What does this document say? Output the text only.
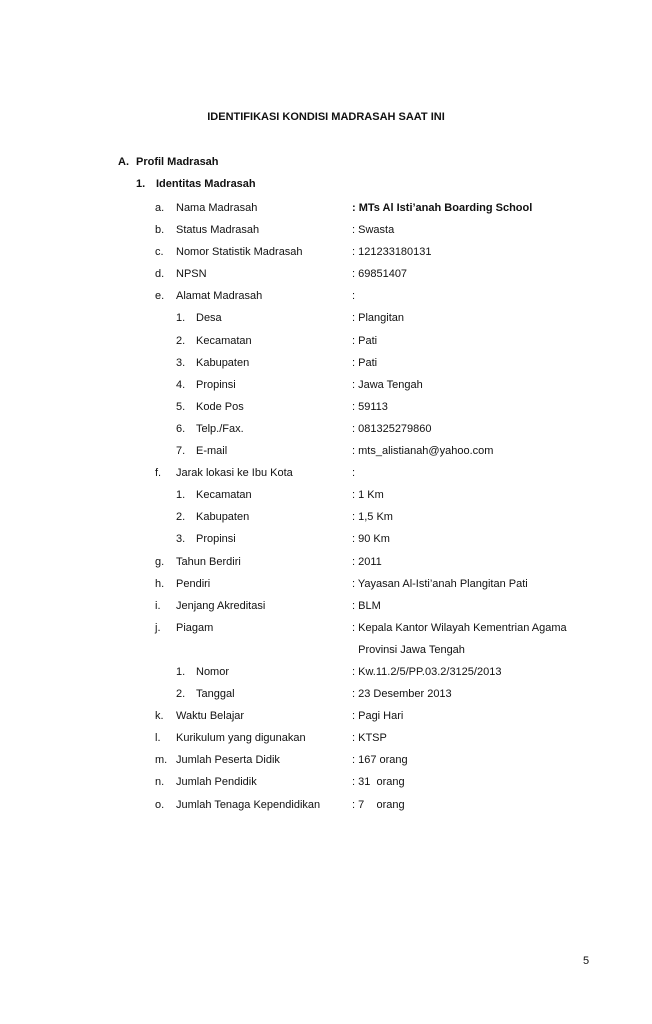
IDENTIFIKASI KONDISI MADRASAH SAAT INI
A. Profil Madrasah
1. Identitas Madrasah
a. Nama Madrasah	: MTs Al Isti’anah Boarding School
b. Status Madrasah	: Swasta
c. Nomor Statistik Madrasah	: 121233180131
d. NPSN	: 69851407
e. Alamat Madrasah	:
1. Desa	: Plangitan
2. Kecamatan	: Pati
3. Kabupaten	: Pati
4. Propinsi	: Jawa Tengah
5. Kode Pos	: 59113
6. Telp./Fax.	: 081325279860
7. E-mail	: mts_alistianah@yahoo.com
f. Jarak lokasi ke Ibu Kota	:
1. Kecamatan	: 1 Km
2. Kabupaten	: 1,5 Km
3. Propinsi	: 90 Km
g. Tahun Berdiri	: 2011
h. Pendiri	: Yayasan Al-Isti’anah Plangitan Pati
i. Jenjang Akreditasi	: BLM
j. Piagam	: Kepala Kantor Wilayah Kementrian Agama
Provinsi Jawa Tengah
1. Nomor	: Kw.11.2/5/PP.03.2/3125/2013
2. Tanggal	: 23 Desember 2013
k. Waktu Belajar	: Pagi Hari
l. Kurikulum yang digunakan	: KTSP
m. Jumlah Peserta Didik	: 167 orang
n. Jumlah Pendidik	: 31  orang
o. Jumlah Tenaga Kependidikan	: 7    orang
5
